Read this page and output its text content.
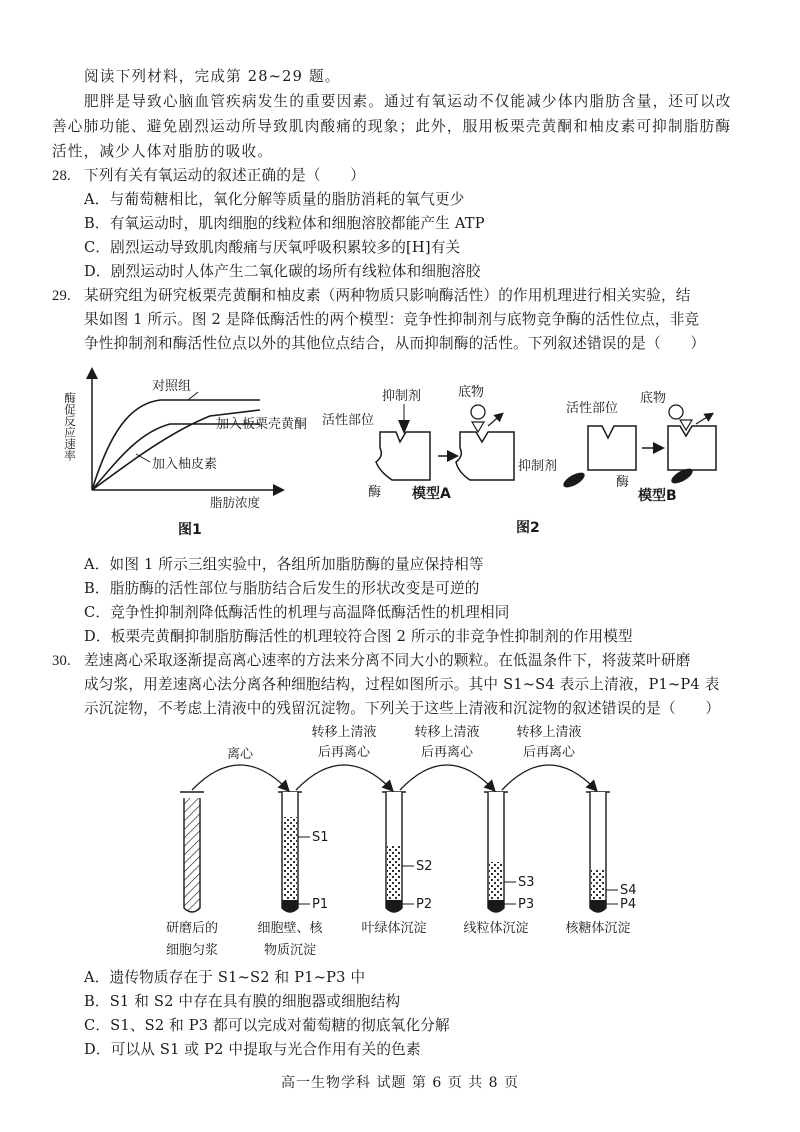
阅读下列材料，完成第 28~29 题。
肥胖是导致心脑血管疾病发生的重要因素。通过有氧运动不仅能减少体内脂肪含量，还可以改
善心肺功能、避免剧烈运动所导致肌肉酸痛的现象；此外，服用板栗壳黄酮和柚皮素可抑制脂肪酶
活性，减少人体对脂肪的吸收。
28. 下列有关有氧运动的叙述正确的是（　　）
A．与葡萄糖相比，氧化分解等质量的脂肪消耗的氧气更少
B．有氧运动时，肌肉细胞的线粒体和细胞溶胶都能产生 ATP
C．剧烈运动导致肌肉酸痛与厌氧呼吸积累较多的[H]有关
D．剧烈运动时人体产生二氧化碳的场所有线粒体和细胞溶胶
29. 某研究组为研究板栗壳黄酮和柚皮素（两种物质只影响酶活性）的作用机理进行相关实验，结
果如图 1 所示。图 2 是降低酶活性的两个模型：竞争性抑制剂与底物竞争酶的活性位点，非竞
争性抑制剂和酶活性位点以外的其他位点结合，从而抑制酶的活性。下列叙述错误的是（　　）
酶促反应速率
脂肪浓度
对照组
加入板栗壳黄酮
加入柚皮素
图1
抑制剂	底物
活性部位
酶 模型A
活性部位
底物
抑制剂
酶
模型B
图2
A．如图 1 所示三组实验中，各组所加脂肪酶的量应保持相等
B．脂肪酶的活性部位与脂肪结合后发生的形状改变是可逆的
C．竞争性抑制剂降低酶活性的机理与高温降低酶活性的机理相同
D．板栗壳黄酮抑制脂肪酶活性的机理较符合图 2 所示的非竞争性抑制剂的作用模型
30. 差速离心采取逐渐提高离心速率的方法来分离不同大小的颗粒。在低温条件下，将菠菜叶研磨
成匀浆，用差速离心法分离各种细胞结构，过程如图所示。其中 S1~S4 表示上清液，P1~P4 表
示沉淀物，不考虑上清液中的残留沉淀物。下列关于这些上清液和沉淀物的叙述错误的是（　　）
S1
P1
S2
P2
S3
P3
S4
P4
研磨后的
细胞匀浆
细胞壁、核
物质沉淀
叶绿体沉淀	线粒体沉淀	核糖体沉淀
离心
转移上清液
后再离心
转移上清液
后再离心
转移上清液
后再离心
A．遗传物质存在于 S1~S2 和 P1~P3 中
B．S1 和 S2 中存在具有膜的细胞器或细胞结构
C．S1、S2 和 P3 都可以完成对葡萄糖的彻底氧化分解
D．可以从 S1 或 P2 中提取与光合作用有关的色素
高一生物学科 试题 第 6 页 共 8 页
